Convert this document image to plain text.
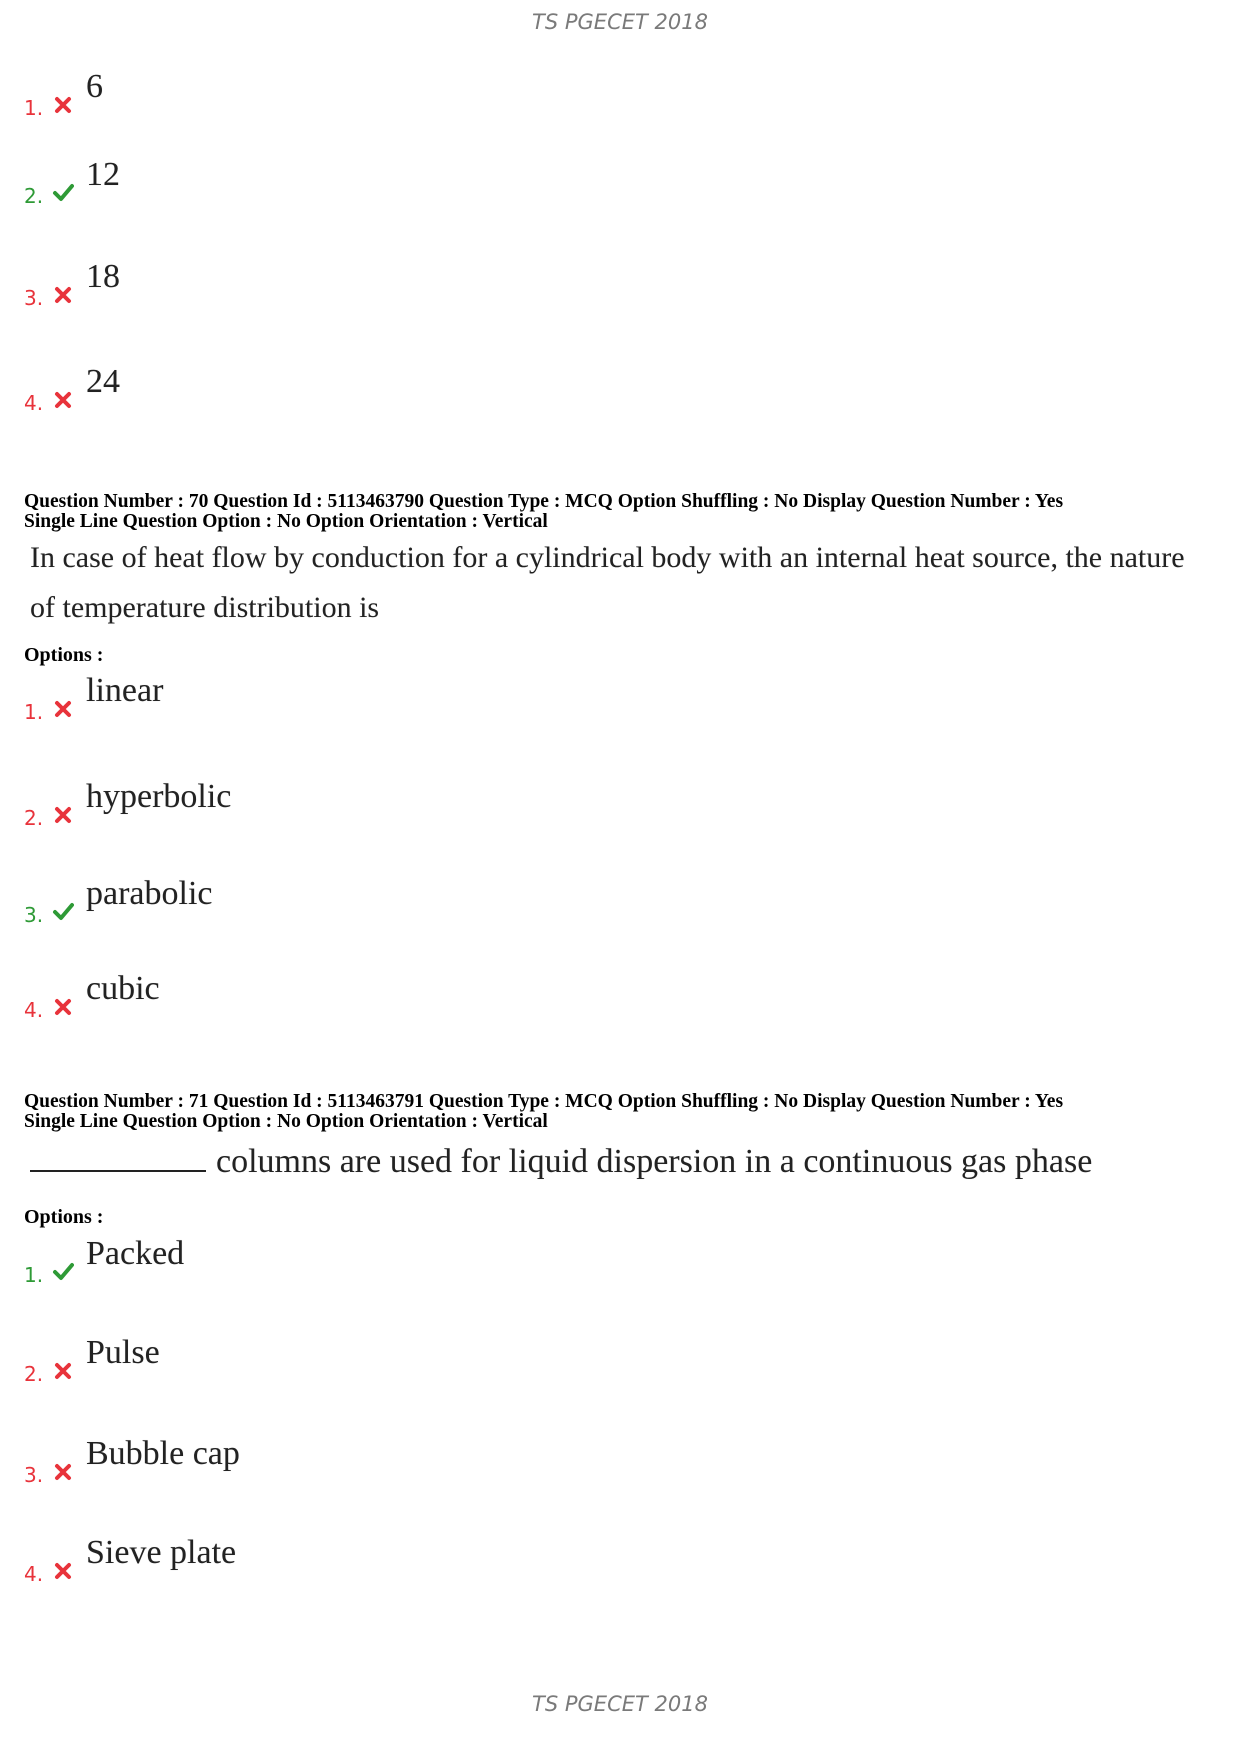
TS PGECET 2018
1.
6
2.
12
3.
18
4.
24
Question Number : 70 Question Id : 5113463790 Question Type : MCQ Option Shuffling : No Display Question Number : Yes
Single Line Question Option : No Option Orientation : Vertical
In case of heat flow by conduction for a cylindrical body with an internal heat source, the nature
of temperature distribution is
Options :
1.
linear
2.
hyperbolic
3.
parabolic
4.
cubic
Question Number : 71 Question Id : 5113463791 Question Type : MCQ Option Shuffling : No Display Question Number : Yes
Single Line Question Option : No Option Orientation : Vertical
columns are used for liquid dispersion in a continuous gas phase
Options :
1.
Packed
2.
Pulse
3.
Bubble cap
4.
Sieve plate
TS PGECET 2018
